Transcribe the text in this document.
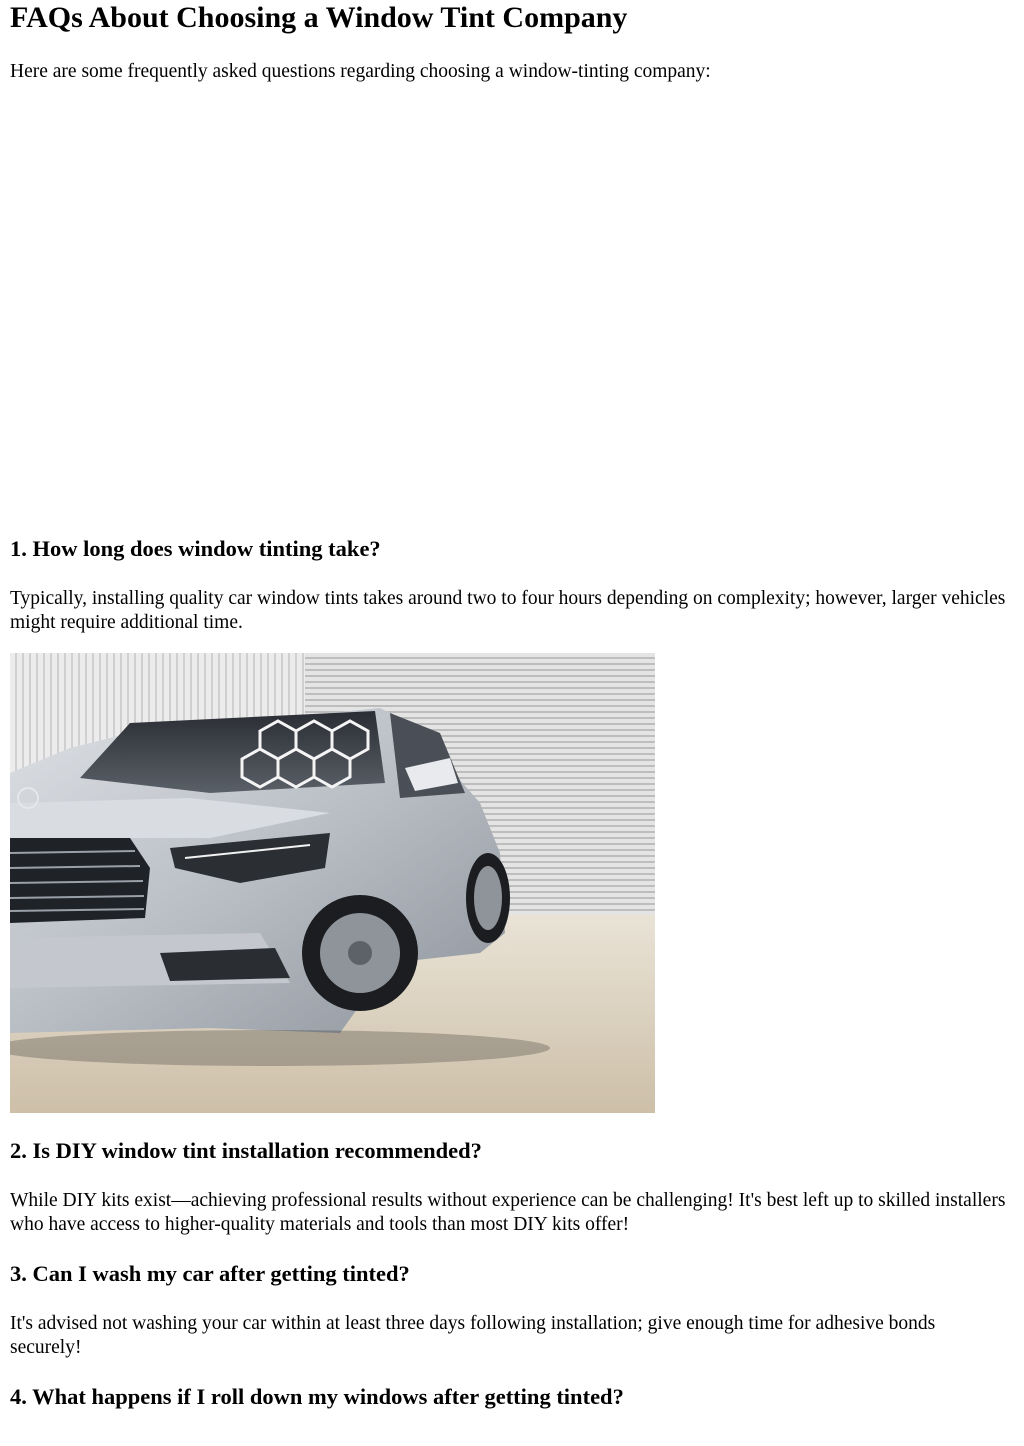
FAQs About Choosing a Window Tint Company

Here are some frequently asked questions regarding choosing a window-tinting company:

1. How long does window tinting take?

Typically, installing quality car window tints takes around two to four hours depending on complexity; however, larger vehicles might require additional time.

2. Is DIY window tint installation recommended?

While DIY kits exist—achieving professional results without experience can be challenging! It's best left up to skilled installers who have access to higher-quality materials and tools than most DIY kits offer!

3. Can I wash my car after getting tinted?

It's advised not washing your car within at least three days following installation; give enough time for adhesive bonds securely!

4. What happens if I roll down my windows after getting tinted?
